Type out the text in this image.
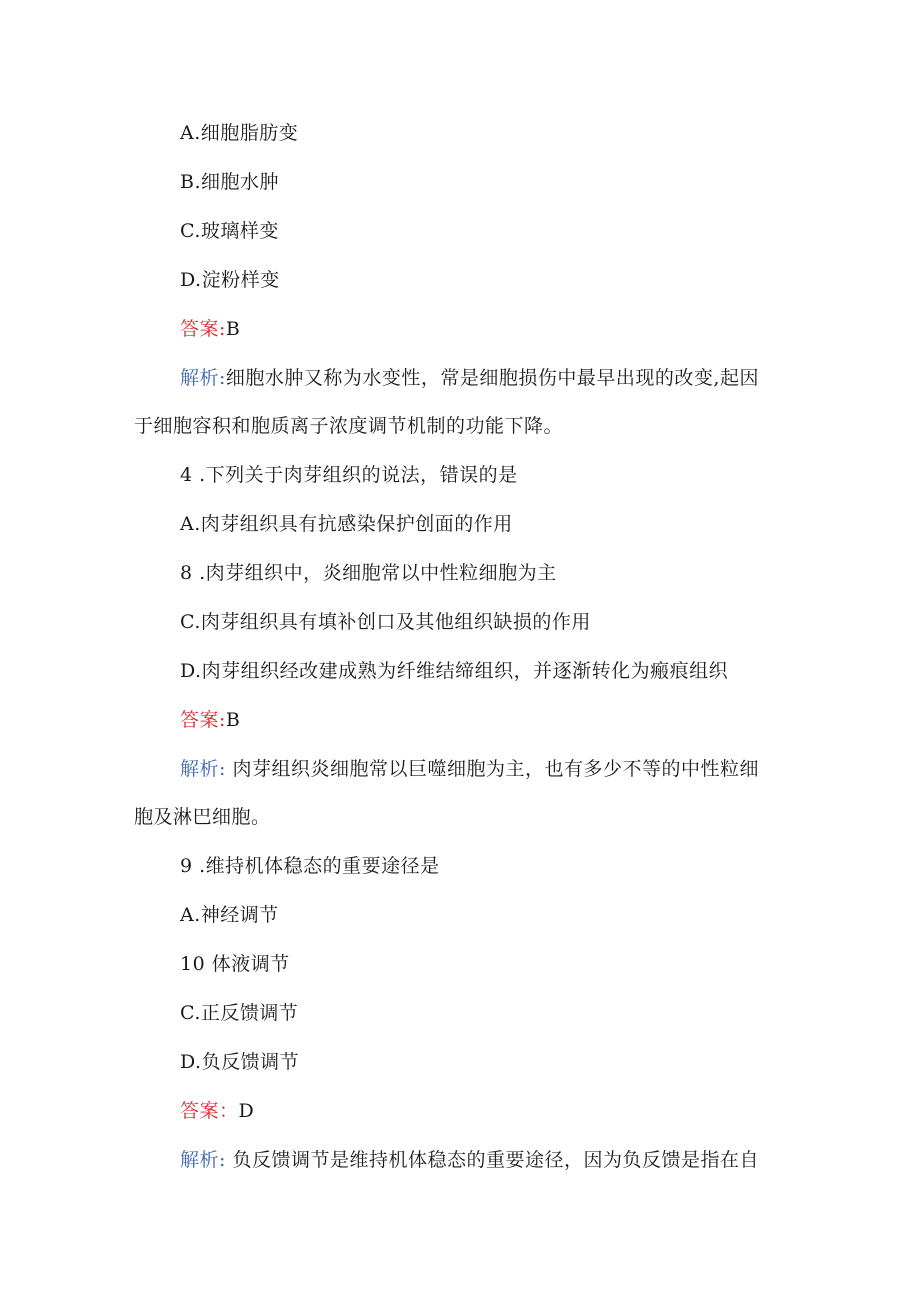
A.细胞脂肪变
B.细胞水肿
C.玻璃样变
D.淀粉样变
答案:B
解析:细胞水肿又称为水变性，常是细胞损伤中最早出现的改变,起因
于细胞容积和胞质离子浓度调节机制的功能下降。
4 .下列关于肉芽组织的说法，错误的是
A.肉芽组织具有抗感染保护创面的作用
8 .肉芽组织中，炎细胞常以中性粒细胞为主
C.肉芽组织具有填补创口及其他组织缺损的作用
D.肉芽组织经改建成熟为纤维结缔组织，并逐渐转化为瘢痕组织
答案:B
解析: 肉芽组织炎细胞常以巨噬细胞为主，也有多少不等的中性粒细
胞及淋巴细胞。
9 .维持机体稳态的重要途径是
A.神经调节
10 体液调节
C.正反馈调节
D.负反馈调节
答案：D
解析: 负反馈调节是维持机体稳态的重要途径，因为负反馈是指在自
